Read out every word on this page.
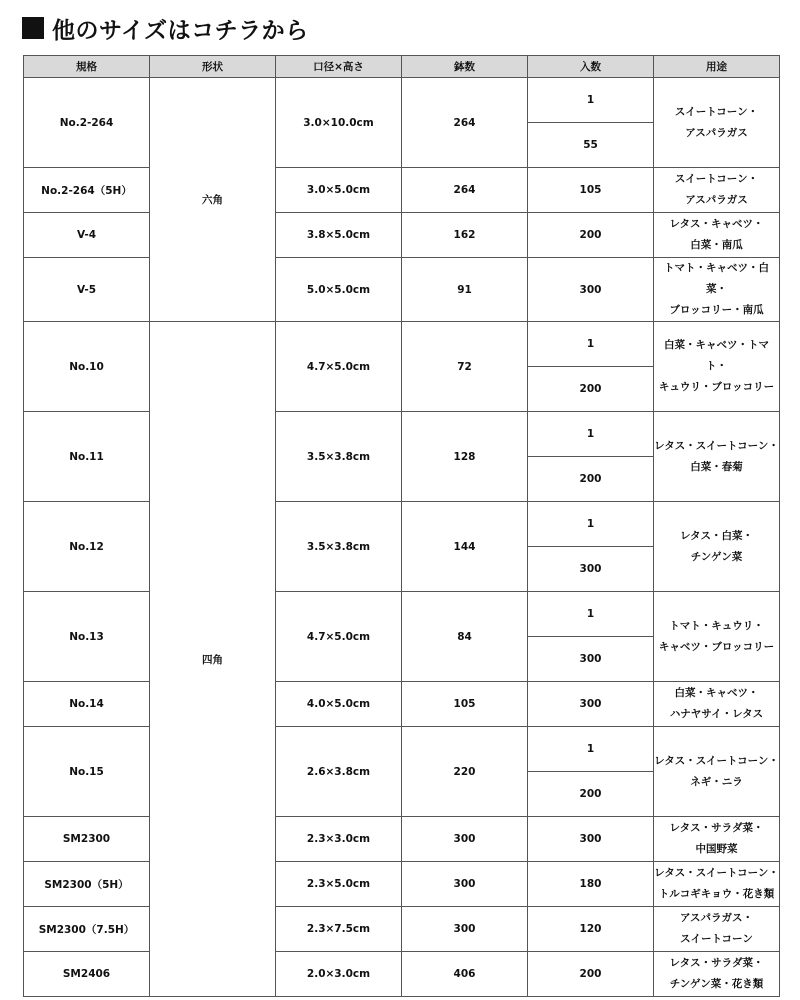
他のサイズはコチラから
規格	形状	口径×高さ	鉢数	入数	用途
No.2-264	六角	3.0×10.0cm	264	1	スイートコーン・
アスパラガス

				55	
No.2-264（5H）		3.0×5.0cm	264	105	スイートコーン・
アスパラガス

V-4		3.8×5.0cm	162	200	レタス・キャベツ・
白菜・南瓜

V-5		5.0×5.0cm	91	300	トマト・キャベツ・白菜・
ブロッコリー・南瓜

No.10	四角	4.7×5.0cm	72	1	白菜・キャベツ・トマト・
キュウリ・ブロッコリー

				200	
No.11		3.5×3.8cm	128	1	レタス・スイートコーン・
白菜・春菊

				200	
No.12		3.5×3.8cm	144	1	レタス・白菜・
チンゲン菜

				300	
No.13		4.7×5.0cm	84	1	トマト・キュウリ・
キャベツ・ブロッコリー

				300	
No.14		4.0×5.0cm	105	300	白菜・キャベツ・
ハナヤサイ・レタス

No.15		2.6×3.8cm	220	1	レタス・スイートコーン・
ネギ・ニラ

				200	
SM2300		2.3×3.0cm	300	300	レタス・サラダ菜・
中国野菜

SM2300（5H）		2.3×5.0cm	300	180	レタス・スイートコーン・
トルコギキョウ・花き類

SM2300（7.5H）		2.3×7.5cm	300	120	アスパラガス・
スイートコーン

SM2406		2.0×3.0cm	406	200	レタス・サラダ菜・
チンゲン菜・花き類
